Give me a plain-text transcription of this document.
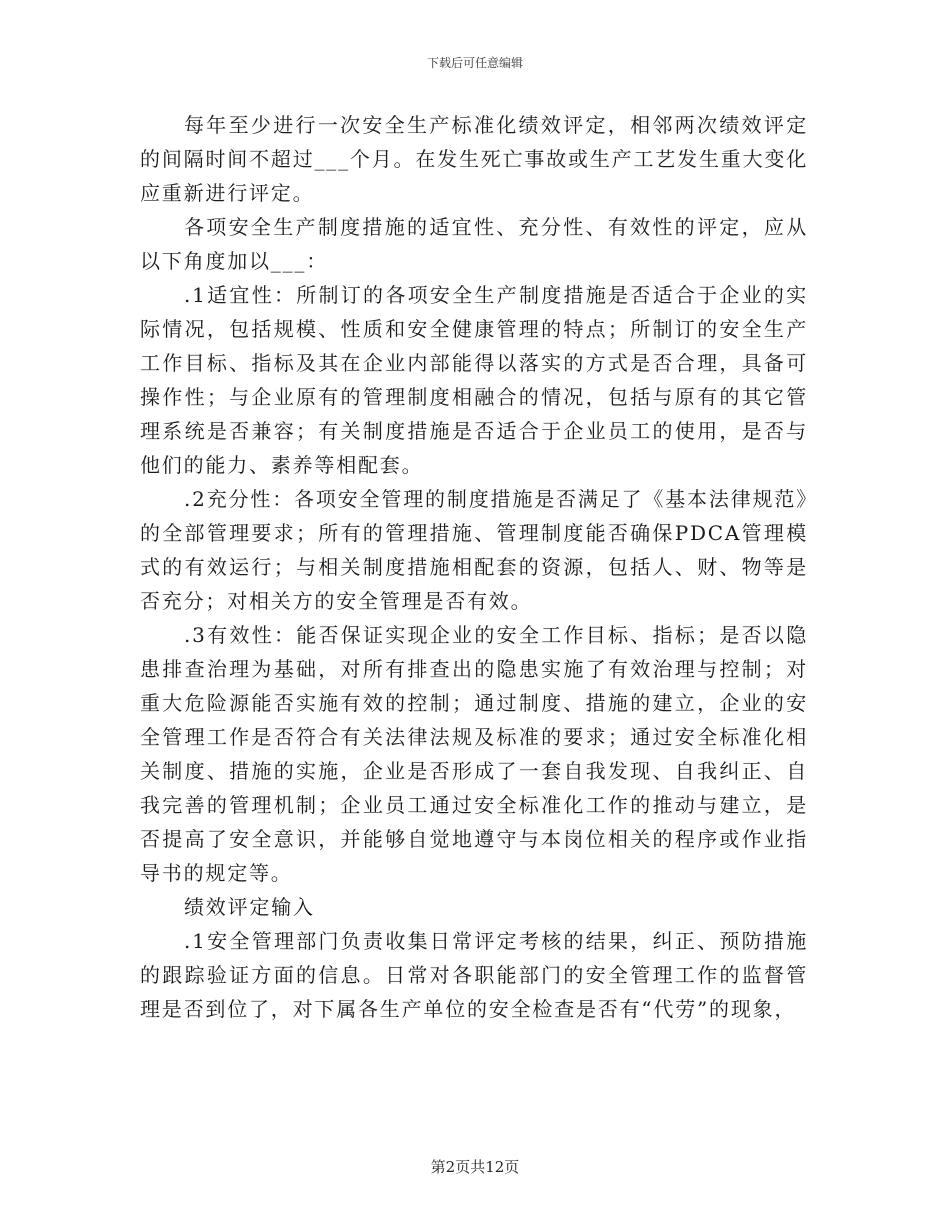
下载后可任意编辑

每年至少进行一次安全生产标准化绩效评定，相邻两次绩效评定的间隔时间不超过___个月。在发生死亡事故或生产工艺发生重大变化应重新进行评定。

各项安全生产制度措施的适宜性、充分性、有效性的评定，应从以下角度加以___：

.1适宜性：所制订的各项安全生产制度措施是否适合于企业的实际情况，包括规模、性质和安全健康管理的特点；所制订的安全生产工作目标、指标及其在企业内部能得以落实的方式是否合理，具备可操作性；与企业原有的管理制度相融合的情况，包括与原有的其它管理系统是否兼容；有关制度措施是否适合于企业员工的使用，是否与他们的能力、素养等相配套。

.2充分性：各项安全管理的制度措施是否满足了《基本法律规范》的全部管理要求；所有的管理措施、管理制度能否确保PDCA管理模式的有效运行；与相关制度措施相配套的资源，包括人、财、物等是否充分；对相关方的安全管理是否有效。

.3有效性：能否保证实现企业的安全工作目标、指标；是否以隐患排查治理为基础，对所有排查出的隐患实施了有效治理与控制；对重大危险源能否实施有效的控制；通过制度、措施的建立，企业的安全管理工作是否符合有关法律法规及标准的要求；通过安全标准化相关制度、措施的实施，企业是否形成了一套自我发现、自我纠正、自我完善的管理机制；企业员工通过安全标准化工作的推动与建立，是否提高了安全意识，并能够自觉地遵守与本岗位相关的程序或作业指导书的规定等。

绩效评定输入

.1安全管理部门负责收集日常评定考核的结果，纠正、预防措施的跟踪验证方面的信息。日常对各职能部门的安全管理工作的监督管理是否到位了，对下属各生产单位的安全检查是否有“代劳”的现象，

第2页共12页
